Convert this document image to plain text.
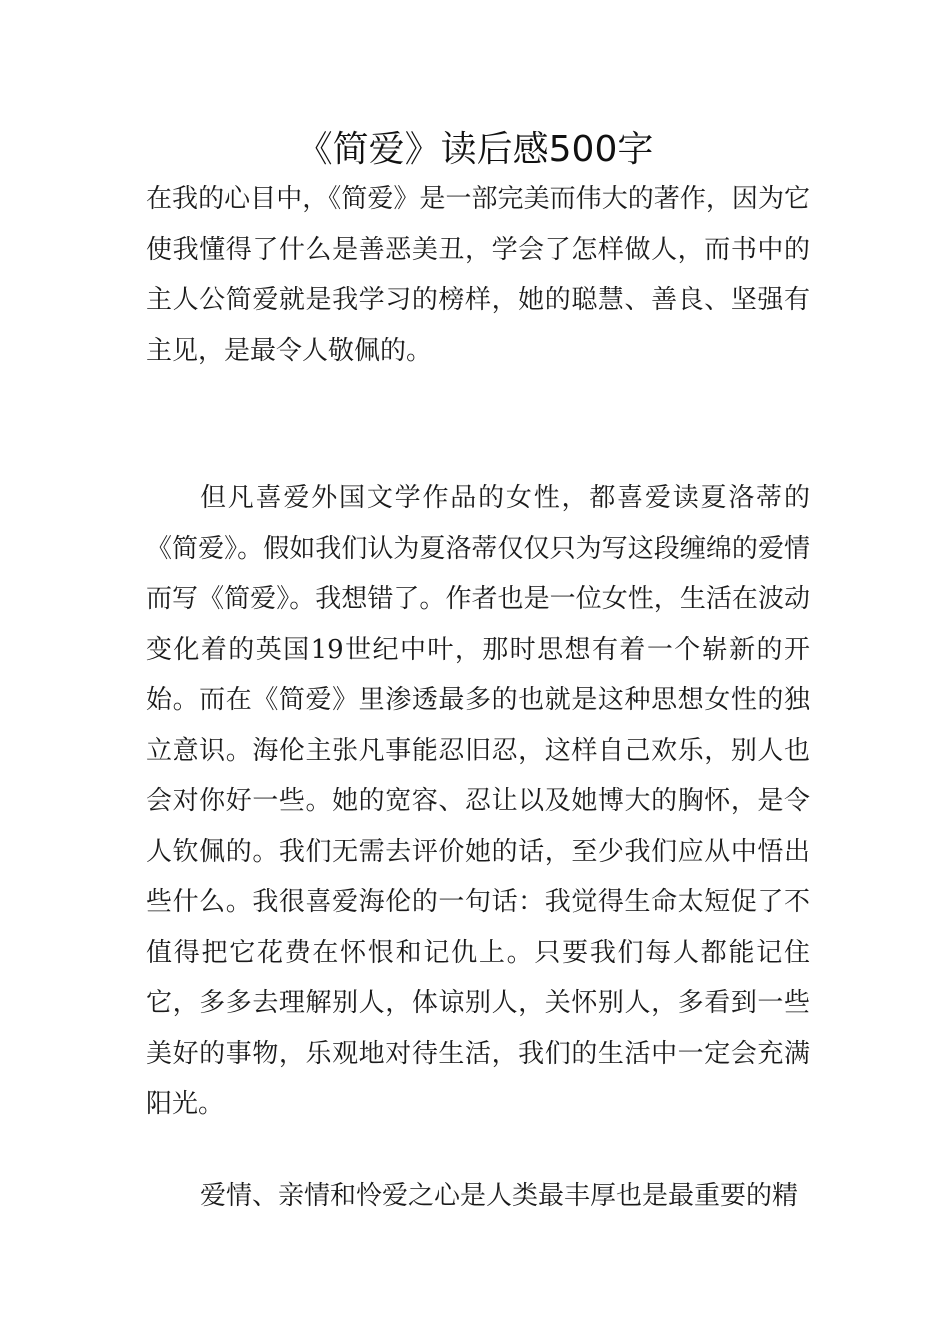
《简爱》读后感500字

在我的心目中，《简爱》是一部完美而伟大的著作，因为它使我懂得了什么是善恶美丑，学会了怎样做人，而书中的主人公简爱就是我学习的榜样，她的聪慧、善良、坚强有主见，是最令人敬佩的。

但凡喜爱外国文学作品的女性，都喜爱读夏洛蒂的《简爱》。假如我们认为夏洛蒂仅仅只为写这段缠绵的爱情而写《简爱》。我想错了。作者也是一位女性，生活在波动变化着的英国19世纪中叶，那时思想有着一个崭新的开始。而在《简爱》里渗透最多的也就是这种思想女性的独立意识。海伦主张凡事能忍旧忍，这样自己欢乐，别人也会对你好一些。她的宽容、忍让以及她博大的胸怀，是令人钦佩的。我们无需去评价她的话，至少我们应从中悟出些什么。我很喜爱海伦的一句话：我觉得生命太短促了不值得把它花费在怀恨和记仇上。只要我们每人都能记住它，多多去理解别人，体谅别人，关怀别人，多看到一些美好的事物，乐观地对待生活，我们的生活中一定会充满阳光。

爱情、亲情和怜爱之心是人类最丰厚也是最重要的精
